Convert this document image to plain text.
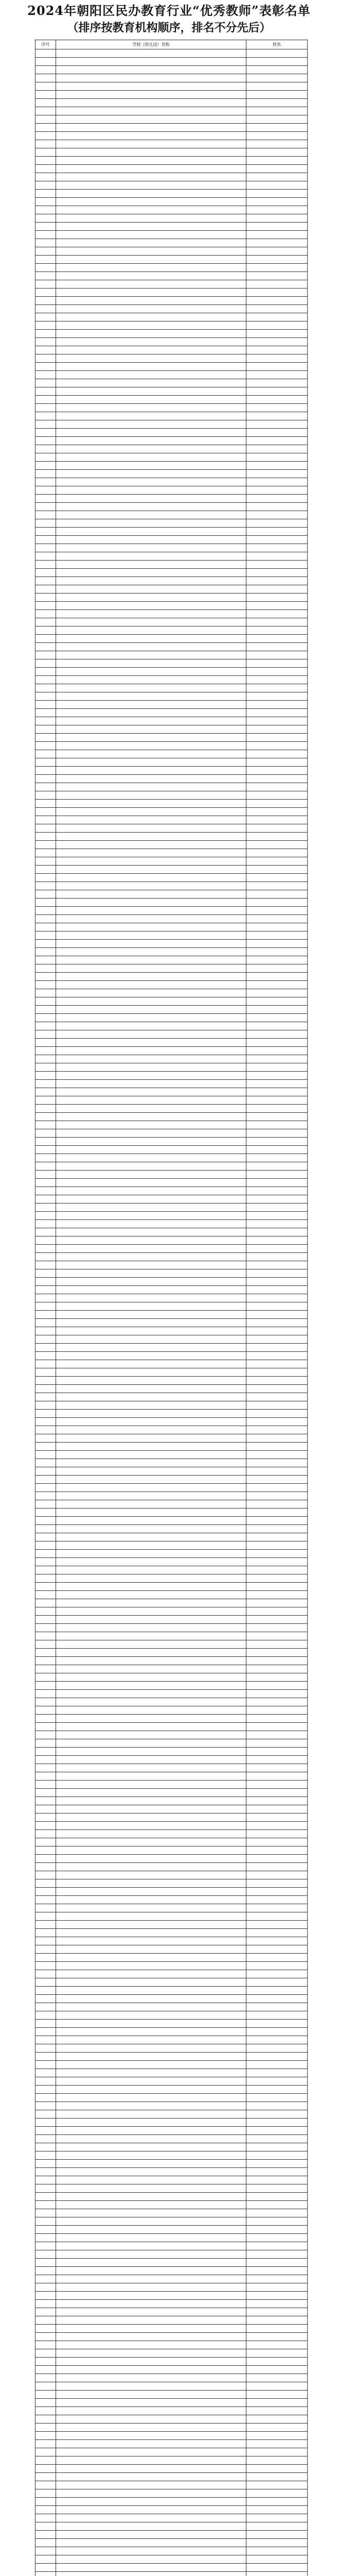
2024年朝阳区民办教育行业“优秀教师”表彰名单
（排序按教育机构顺序，排名不分先后）
序号	学校（幼儿园）名称	姓名
